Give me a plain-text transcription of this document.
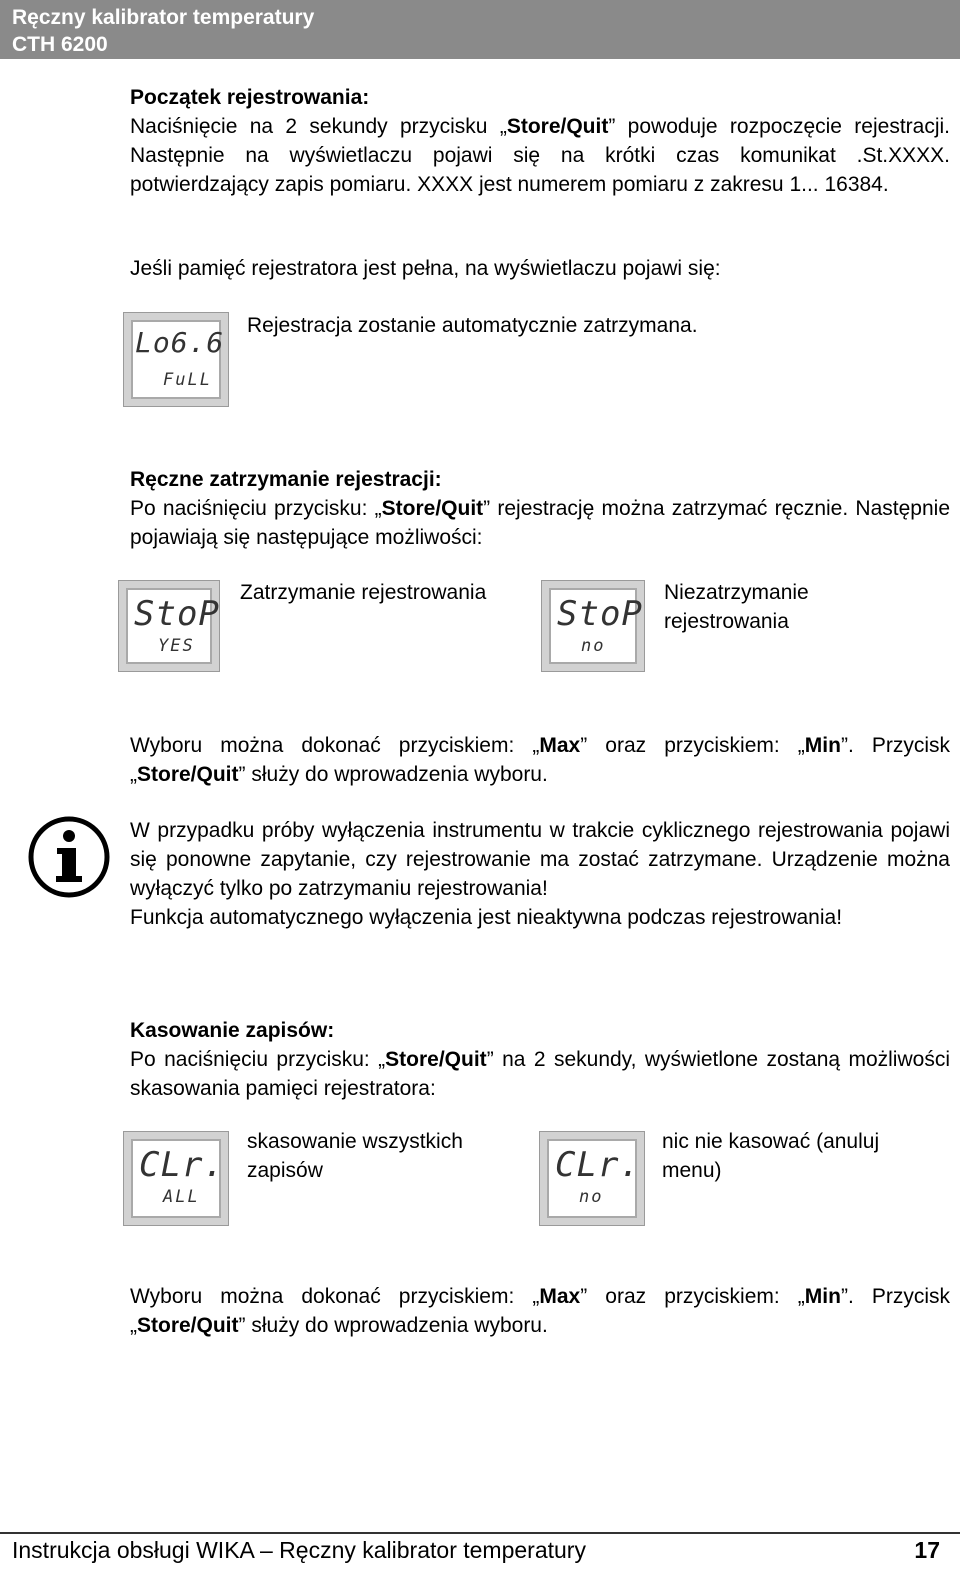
Ręczny kalibrator temperatury
CTH 6200
Początek rejestrowania:
Naciśnięcie na 2 sekundy przycisku „Store/Quit” powoduje rozpoczęcie rejestracji. Następnie na wyświetlaczu pojawi się na krótki czas komunikat .St.XXXX. potwierdzający zapis pomiaru. XXXX jest numerem pomiaru z zakresu 1... 16384.
Jeśli pamięć rejestratora jest pełna, na wyświetlaczu pojawi się:
Lo6.6
FuLL
Rejestracja zostanie automatycznie zatrzymana.
Ręczne zatrzymanie rejestracji:
Po naciśnięciu przycisku: „Store/Quit” rejestrację można zatrzymać ręcznie. Następnie pojawiają się następujące możliwości:
StoP
YES
Zatrzymanie rejestrowania
StoP
no
Niezatrzymanie rejestrowania
Wyboru można dokonać przyciskiem: „Max” oraz przyciskiem: „Min”. Przycisk „Store/Quit” służy do wprowadzenia wyboru.
W przypadku próby wyłączenia instrumentu w trakcie cyklicznego rejestrowania pojawi się ponowne zapytanie, czy rejestrowanie ma zostać zatrzymane. Urządzenie można wyłączyć tylko po zatrzymaniu rejestrowania!
Funkcja automatycznego wyłączenia jest nieaktywna podczas rejestrowania!
Kasowanie zapisów:
Po naciśnięciu przycisku: „Store/Quit” na 2 sekundy, wyświetlone zostaną możliwości skasowania pamięci rejestratora:
CLr.
ALL
skasowanie wszystkich zapisów	CLr.
no
nic nie kasować (anuluj menu)
Wyboru można dokonać przyciskiem: „Max” oraz przyciskiem: „Min”. Przycisk „Store/Quit” służy do wprowadzenia wyboru.
Instrukcja obsługi WIKA – Ręczny kalibrator temperatury	17
